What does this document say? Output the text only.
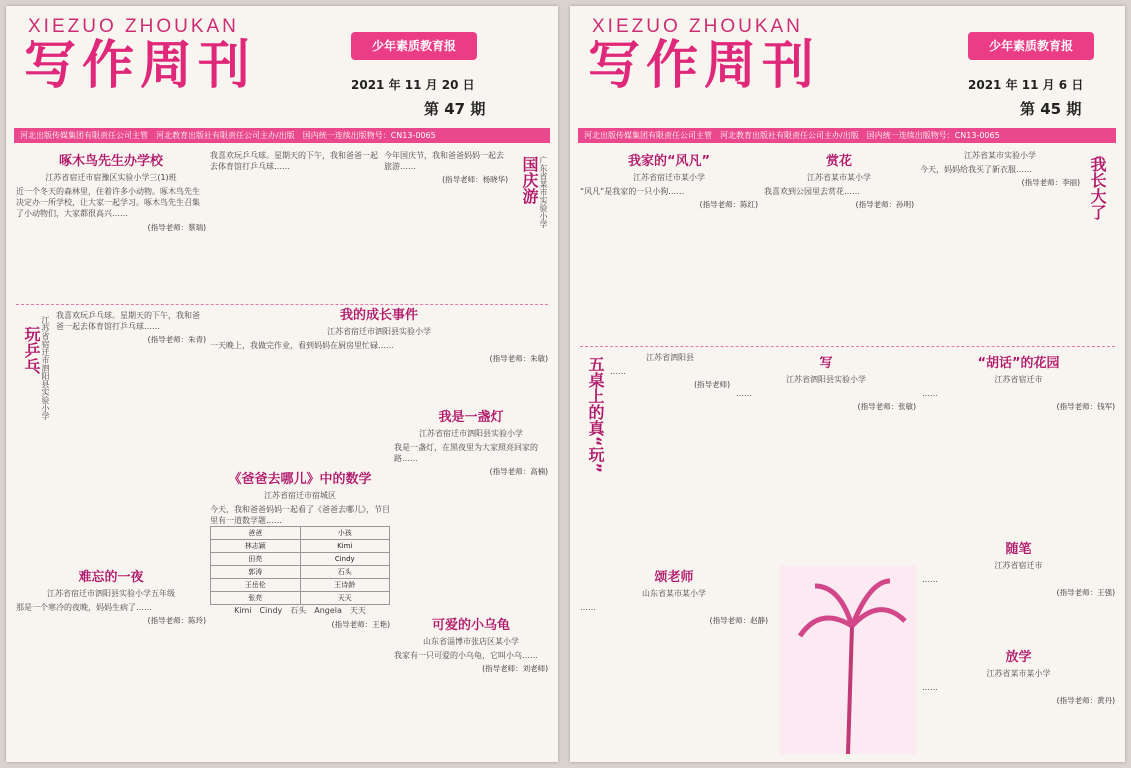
XIEZUO ZHOUKAN
写作周刊	少年素质教育报
2021 年 11 月 20 日
第 47 期
河北出版传媒集团有限责任公司主管　河北教育出版社有限责任公司主办/出版　国内统一连续出版物号：CN13-0065

啄木鸟先生办学校

江苏省宿迁市宿豫区实验小学三(1)班

近一个冬天的森林里，住着许多小动物。啄木鸟先生决定办一所学校，让大家一起学习。啄木鸟先生召集了小动物们，大家都很高兴……

(指导老师：蔡瑞)

我喜欢玩乒乓球。星期天的下午，我和爸爸一起去体育馆打乒乓球……

今年国庆节，我和爸爸妈妈一起去旅游……

(指导老师：杨晓华) 国庆游 广东省某市实验小学
玩乒乓 江苏省宿迁市泗阳县实验小学

我喜欢玩乒乓球。星期天的下午，我和爸爸一起去体育馆打乒乓球……

(指导老师：朱青)

我的成长事件

江苏省宿迁市泗阳县实验小学

一天晚上，我做完作业，看到妈妈在厨房里忙碌……

(指导老师：朱敏)

《爸爸去哪儿》中的数学

江苏省宿迁市宿城区

今天，我和爸爸妈妈一起看了《爸爸去哪儿》，节目里有一道数学题……

爸爸	小孩
林志颖	Kimi
田亮	Cindy
郭涛	石头
王岳伦	王诗龄
张亮	天天

Kimi　Cindy　石头　Angela　天天

(指导老师：王艳)

我是一盏灯

江苏省宿迁市泗阳县实验小学

我是一盏灯，在黑夜里为大家照亮回家的路……

(指导老师：高楠)

可爱的小乌龟

山东省淄博市张店区某小学

我家有一只可爱的小乌龟，它叫小乌……

(指导老师：刘老师)

难忘的一夜

江苏省宿迁市泗阳县实验小学五年级

那是一个寒冷的夜晚，妈妈生病了……

(指导老师：陈玲)

XIEZUO ZHOUKAN
写作周刊	少年素质教育报
2021 年 11 月 6 日
第 45 期
河北出版传媒集团有限责任公司主管　河北教育出版社有限责任公司主办/出版　国内统一连续出版物号：CN13-0065

我家的“风凡”

江苏省宿迁市某小学

“风凡”是我家的一只小狗……

(指导老师：陈红)

赏花

江苏省某市某小学

我喜欢到公园里去赏花……

(指导老师：孙明)

江苏省某市实验小学

今天，妈妈给我买了新衣服……

(指导老师：李丽) 我长大了
五桌上的真“玩”	江苏省泗阳县

……

(指导老师)

写

江苏省泗阳县实验小学

……

(指导老师：张敏)

“胡话”的花园

江苏省宿迁市

……

(指导老师：钱军)

随笔

江苏省宿迁市

……

(指导老师：王强)

颂老师

山东省某市某小学

……

(指导老师：赵静)

放学

江苏省某市某小学

……

(指导老师：黄丹)
